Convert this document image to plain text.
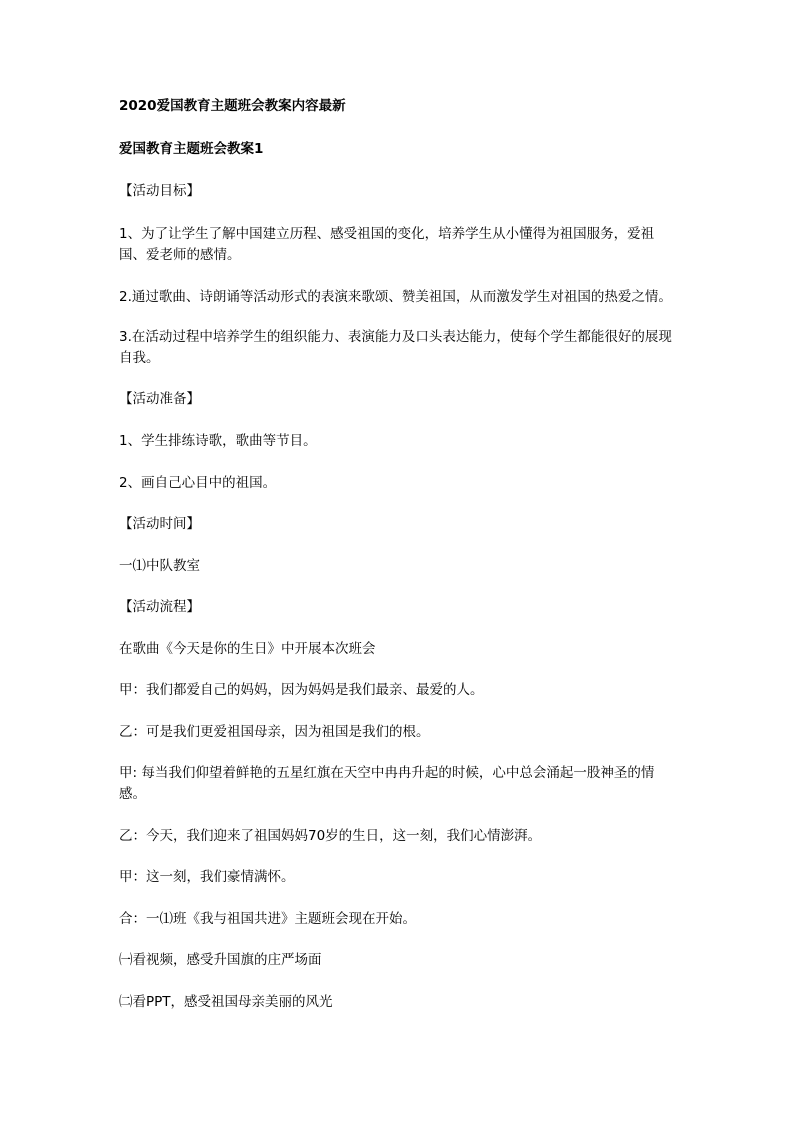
2020爱国教育主题班会教案内容最新

爱国教育主题班会教案1

【活动目标】

1、为了让学生了解中国建立历程、感受祖国的变化，培养学生从小懂得为祖国服务，爱祖国、爱老师的感情。

2.通过歌曲、诗朗诵等活动形式的表演来歌颂、赞美祖国，从而激发学生对祖国的热爱之情。

3.在活动过程中培养学生的组织能力、表演能力及口头表达能力，使每个学生都能很好的展现自我。

【活动准备】

1、学生排练诗歌，歌曲等节目。

2、画自己心目中的祖国。

【活动时间】

一⑴中队教室

【活动流程】

在歌曲《今天是你的生日》中开展本次班会

甲：我们都爱自己的妈妈，因为妈妈是我们最亲、最爱的人。

乙：可是我们更爱祖国母亲，因为祖国是我们的根。

甲: 每当我们仰望着鲜艳的五星红旗在天空中冉冉升起的时候，心中总会涌起一股神圣的情感。

乙：今天，我们迎来了祖国妈妈70岁的生日，这一刻，我们心情澎湃。

甲：这一刻，我们豪情满怀。

合：一⑴班《我与祖国共进》主题班会现在开始。

㈠看视频，感受升国旗的庄严场面

㈡看PPT，感受祖国母亲美丽的风光
